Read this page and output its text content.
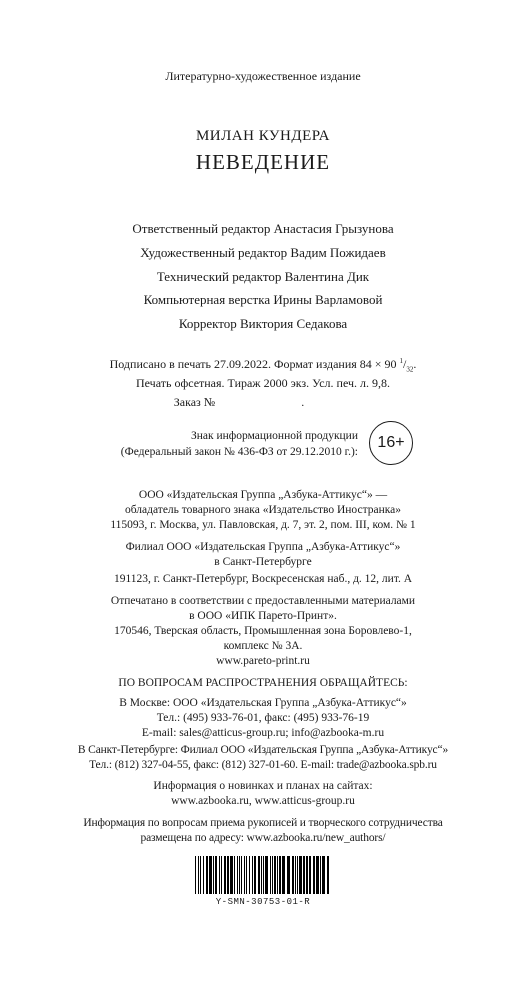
Литературно-художественное издание
МИЛАН КУНДЕРА
НЕВЕДЕНИЕ
Ответственный редактор Анастасия Грызунова
Художественный редактор Вадим Пожидаев
Технический редактор Валентина Дик
Компьютерная верстка Ирины Варламовой
Корректор Виктория Седакова
Подписано в печать 27.09.2022. Формат издания 84 × 90 $^1/_{32}$.
Печать офсетная. Тираж 2000 экз. Усл. печ. л. 9,8.
Заказ №	.
Знак информационной продукции
(Федеральный закон № 436-ФЗ от 29.12.2010 г.):
16+
ООО «Издательская Группа „Азбука-Аттикус“» —
обладатель товарного знака «Издательство Иностранка»
115093, г. Москва, ул. Павловская, д. 7, эт. 2, пом. III, ком. № 1
Филиал ООО «Издательская Группа „Азбука-Аттикус“»
в Санкт-Петербурге
191123, г. Санкт-Петербург, Воскресенская наб., д. 12, лит. А
Отпечатано в соответствии с предоставленными материалами
в ООО «ИПК Парето-Принт».
170546, Тверская область, Промышленная зона Боровлево-1,
комплекс № 3А.
www.pareto-print.ru
ПО ВОПРОСАМ РАСПРОСТРАНЕНИЯ ОБРАЩАЙТЕСЬ:
В Москве: ООО «Издательская Группа „Азбука-Аттикус“»
Тел.: (495) 933-76-01, факс: (495) 933-76-19
E-mail: sales@atticus-group.ru; info@azbooka-m.ru
В Санкт-Петербурге: Филиал ООО «Издательская Группа „Азбука-Аттикус“»
Тел.: (812) 327-04-55, факс: (812) 327-01-60. E-mail: trade@azbooka.spb.ru
Информация о новинках и планах на сайтах:
www.azbooka.ru, www.atticus-group.ru
Информация по вопросам приема рукописей и творческого сотрудничества
размещена по адресу: www.azbooka.ru/new_authors/
Y-SMN-30753-01-R
